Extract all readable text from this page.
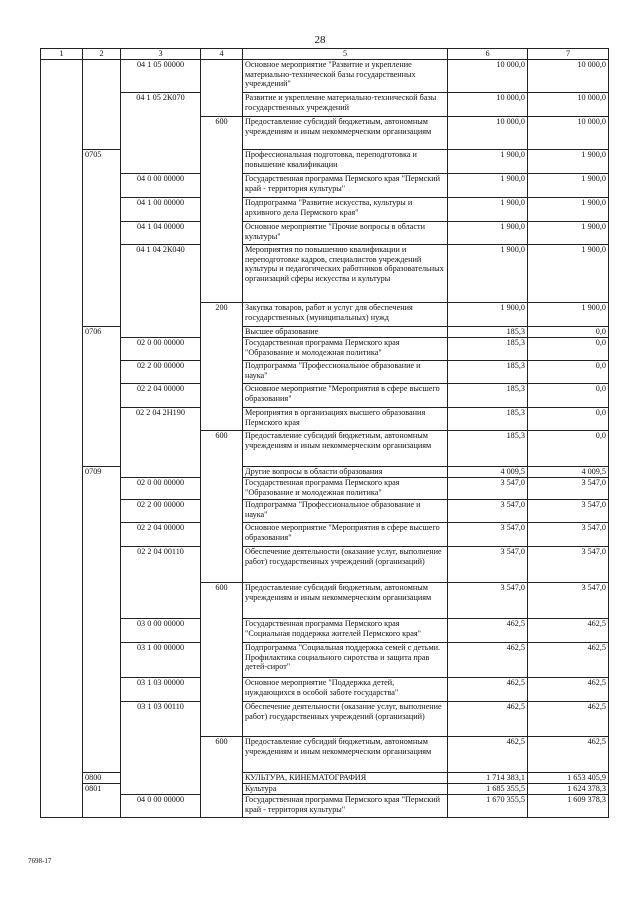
28
1	2	3	4	5	6	7
		04 1 05 00000		Основное мероприятие "Развитие и укрепление материально-технической базы государственных учреждений"	10 000,0	10 000,0
		04 1 05 2К070		Развитие и укрепление материально-технической базы государственных учреждений	10 000,0	10 000,0
			600	Предоставление субсидий бюджетным, автономным учреждениям и иным некоммерческим организациям	10 000,0	10 000,0
	0705			Профессиональная подготовка, переподготовка и повышение квалификации	1 900,0	1 900,0
		04 0 00 00000		Государственная программа Пермского края "Пермский край - территория культуры"	1 900,0	1 900,0
		04 1 00 00000		Подпрограмма "Развитие искусства, культуры и архивного дела Пермского края"	1 900,0	1 900,0
		04 1 04 00000		Основное мероприятие "Прочие вопросы в области культуры"	1 900,0	1 900,0
		04 1 04 2К040		Мероприятия по повышению квалификации и переподготовке кадров, специалистов учреждений культуры и педагогических работников образовательных организаций сферы искусства и культуры	1 900,0	1 900,0
			200	Закупка товаров, работ и услуг для обеспечения государственных (муниципальных) нужд	1 900,0	1 900,0
	0706			Высшее образование	185,3	0,0
		02 0 00 00000		Государственная программа Пермского края "Образование и молодежная политика"	185,3	0,0
		02 2 00 00000		Подпрограмма "Профессиональное образование и наука"	185,3	0,0
		02 2 04 00000		Основное мероприятие "Мероприятия в сфере высшего образования"	185,3	0,0
		02 2 04 2Н190		Мероприятия в организациях высшего образования Пермского края	185,3	0,0
			600	Предоставление субсидий бюджетным, автономным учреждениям и иным некоммерческим организациям	185,3	0,0
	0709			Другие вопросы в области образования	4 009,5	4 009,5
		02 0 00 00000		Государственная программа Пермского края "Образование и молодежная политика"	3 547,0	3 547,0
		02 2 00 00000		Подпрограмма "Профессиональное образование и наука"	3 547,0	3 547,0
		02 2 04 00000		Основное мероприятие "Мероприятия в сфере высшего образования"	3 547,0	3 547,0
		02 2 04 00110		Обеспечение деятельности (оказание услуг, выполнение работ) государственных учреждений (организаций)	3 547,0	3 547,0
			600	Предоставление субсидий бюджетным, автономным учреждениям и иным некоммерческим организациям	3 547,0	3 547,0
		03 0 00 00000		Государственная программа Пермского края "Социальная поддержка жителей Пермского края"	462,5	462,5
		03 1 00 00000		Подпрограмма "Социальная поддержка семей с детьми. Профилактика социального сиротства и защита прав детей-сирот"	462,5	462,5
		03 1 03 00000		Основное мероприятие "Поддержка детей, нуждающихся в особой заботе государства"	462,5	462,5
		03 1 03 00110		Обеспечение деятельности (оказание услуг, выполнение работ) государственных учреждений (организаций)	462,5	462,5
			600	Предоставление субсидий бюджетным, автономным учреждениям и иным некоммерческим организациям	462,5	462,5
	0800			КУЛЬТУРА, КИНЕМАТОГРАФИЯ	1 714 383,1	1 653 405,9
	0801			Культура	1 685 355,5	1 624 378,3
		04 0 00 00000		Государственная программа Пермского края "Пермский край - территория культуры"	1 670 355,5	1 609 378,3
7698-17
